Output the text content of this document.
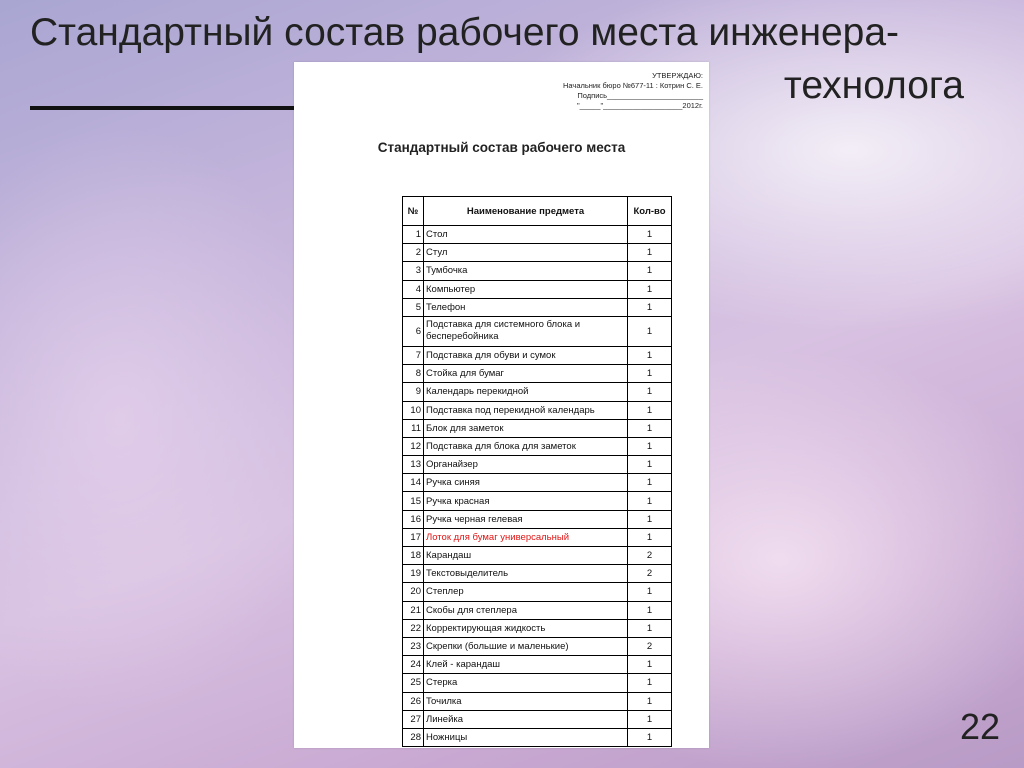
Стандартный состав рабочего места инженера-
технолога
УТВЕРЖДАЮ:
Начальник бюро №677-11 : Котрин С. Е.
Подпись_______________________
"_____"___________________2012г.
Стандартный состав рабочего места
№	Наименование предмета	Кол-во
1	Стол	1
2	Стул	1
3	Тумбочка	1
4	Компьютер	1
5	Телефон	1
6	Подставка для системного блока и бесперебойника	1
7	Подставка для обуви и сумок	1
8	Стойка для бумаг	1
9	Календарь перекидной	1
10	Подставка под перекидной календарь	1
11	Блок для заметок	1
12	Подставка для блока для заметок	1
13	Органайзер	1
14	Ручка синяя	1
15	Ручка красная	1
16	Ручка черная гелевая	1
17	Лоток для бумаг универсальный	1
18	Карандаш	2
19	Текстовыделитель	2
20	Степлер	1
21	Скобы для степлера	1
22	Корректирующая жидкость	1
23	Скрепки (большие и маленькие)	2
24	Клей - карандаш	1
25	Стерка	1
26	Точилка	1
27	Линейка	1
28	Ножницы	1	22
